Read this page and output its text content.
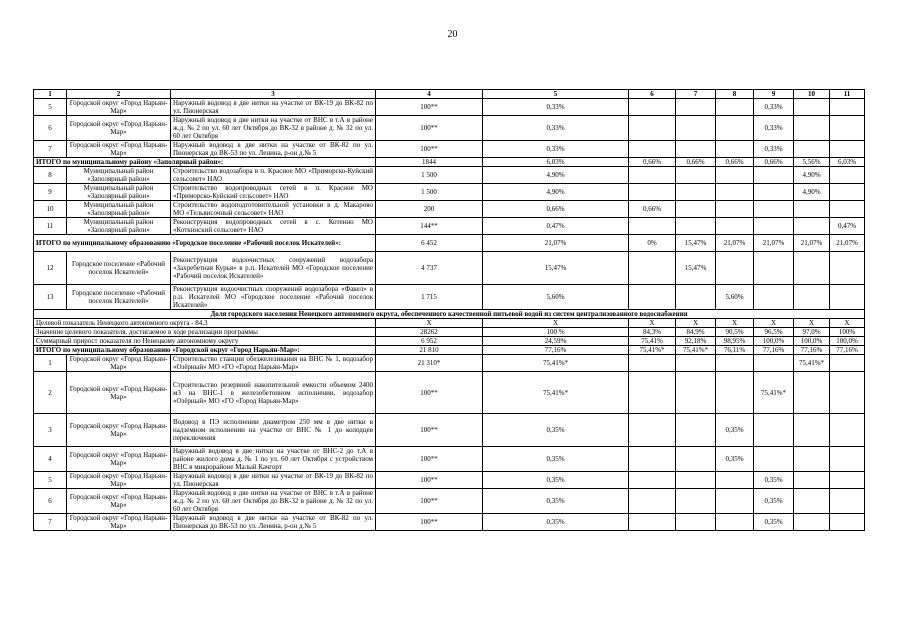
20
1	2	3	4	5	6	7	8	9	10	11
5	Городской округ «Город Нарьян-Мар»	Наружный водовод в две нитки на участке от ВК-19 до ВК-82 по ул. Пионерская	100**	0,33%				0,33%		
6	Городской округ «Город Нарьян-Мар»	Наружный водовод в две нитки на участке от ВНС в т.А в районе ж.д. № 2 по ул. 60 лет Октября до ВК-32 в районе д. № 32 по ул. 60 лет Октября	100**	0,33%				0,33%		
7	Городской округ «Город Нарьян-Мар»	Наружный водовод в две нитки на участке от ВК-82 по ул. Пионерская до ВК-53 по ул. Ленина, р-он д.№ 5	100**	0,33%				0,33%		
ИТОГО по муниципальному району «Заполярный район»:			1844	6,03%	0,66%	0,66%	0,66%	0,66%	5,56%	6,03%
8	Муниципальный район «Заполярный район»	Строительство водозабора в п. Красное МО «Приморско-Куйский сельсовет» НАО	1 500	4,90%					4,90%	
9	Муниципальный район «Заполярный район»	Строительство водопроводных сетей в п. Красное МО «Приморско-Куйский сельсовет» НАО	1 500	4,90%					4,90%	
10	Муниципальный район «Заполярный район»	Строительство водоподготовительной установки в д. Макарово МО «Тельвисочный сельсовет» НАО	200	0,66%	0,66%					
11	Муниципальный район «Заполярный район»	Реконструкция водопроводных сетей в с. Котенно МО «Коткинский сельсовет» НАО	144**	0,47%						0,47%
ИТОГО по муниципальному образованию «Городское поселение «Рабочий поселок Искателей»:			6 452	21,07%	0%	15,47%	21,07%	21,07%	21,07%	21,07%
12	Городское поселение «Рабочий поселок Искателей»	Реконструкция водоочистных сооружений водозабора «Захребетная Курья» в р.п. Искателей МО «Городское поселение «Рабочий поселок Искателей»	4 737	15,47%		15,47%				
13	Городское поселение «Рабочий поселок Искателей»	Реконструкция водоочистных сооружений водозабора «Факел» в р.п. Искателей МО «Городское поселение «Рабочий поселок Искателей»	1 715	5,60%			5,60%			
Доля городского населения Ненецкого автономного округа, обеспеченного качественной питьевой водой из систем централизованного водоснабжения										
Целевой показатель Ненецкого автономного округа - 84,3			X	X	X	X	X	X	X	X
Значение целевого показателя, достигаемое в ходе реализации программы			28262	100 %	84,3%	84,9%	90,5%	96,5%	97,0%	100%
Суммарный прирост показателя по Ненецкому автономному округу			6 952	24,59%	75,41%	92,18%	98,95%	100,0%	100,0%	100,0%
ИТОГО по муниципальному образованию «Городской округ «Город Нарьян-Мар»:			21 810	77,16%	75,41%*	75,41%*	76,11%	77,16%	77,16%	77,16%
1	Городской округ «Город Нарьян-Мар»	Строительство станции обезжелезивания на ВНС № 1, водозабор «Озёрный» МО «ГО «Город Нарьян-Мар»	21 310*	75,41%*					75,41%*	
2	Городской округ «Город Нарьян-Мар»	Строительство резервной накопительной емкости объемом 2400 м3 на ВНС-1 в железобетонном исполнении, водозабор «Озёрный» МО «ГО «Город Нарьян-Мар»	100**	75,41%*				75,41%*		
3	Городской округ «Город Нарьян-Мар»	Водовод в ПЭ исполнении диаметром 250 мм в две нитки в надземном исполнении на участке от ВНС № 1 до колодцев переключения	100**	0,35%			0,35%			
4	Городской округ «Город Нарьян-Мар»	Наружный водовод в две нитки на участке от ВНС-2 до т.А в районе жилого дома д. № 1 по ул. 60 лет Октября с устройством ВНС в микрорайоне Малый Качгорт	100**	0,35%			0,35%			
5	Городской округ «Город Нарьян-Мар»	Наружный водовод в две нитки на участке от ВК-19 до ВК-82 по ул. Пионерская	100**	0,35%				0,35%		
6	Городской округ «Город Нарьян-Мар»	Наружный водовод в две нитки на участке от ВНС в т.А в районе ж.д. № 2 по ул. 60 лет Октября до ВК-32 в районе д. № 32 по ул. 60 лет Октября	100**	0,35%				0,35%		
7	Городской округ «Город Нарьян-Мар»	Наружный водовод в две нитки на участке от ВК-82 по ул. Пионерская до ВК-53 по ул. Ленина, р-он д.№ 5	100**	0,35%				0,35%		
